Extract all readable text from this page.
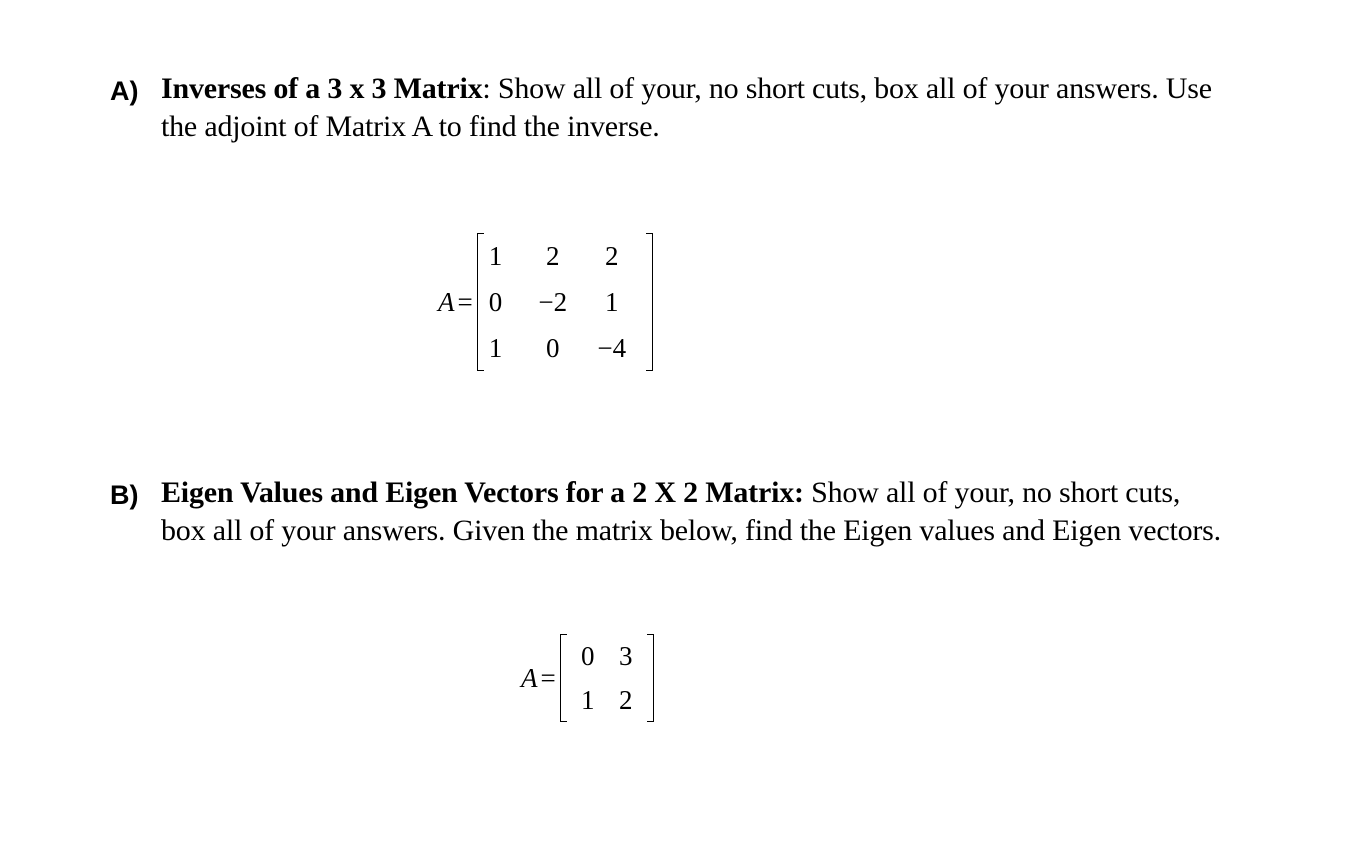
A) Inverses of a 3 x 3 Matrix: Show all of your, no short cuts, box all of your answers. Use
the adjoint of Matrix A to find the inverse.
A =
1	2	2
0	−2	1
1	0	−4
B) Eigen Values and Eigen Vectors for a 2 X 2 Matrix: Show all of your, no short cuts,
box all of your answers. Given the matrix below, find the Eigen values and Eigen vectors.
A =
0 3
1 2
